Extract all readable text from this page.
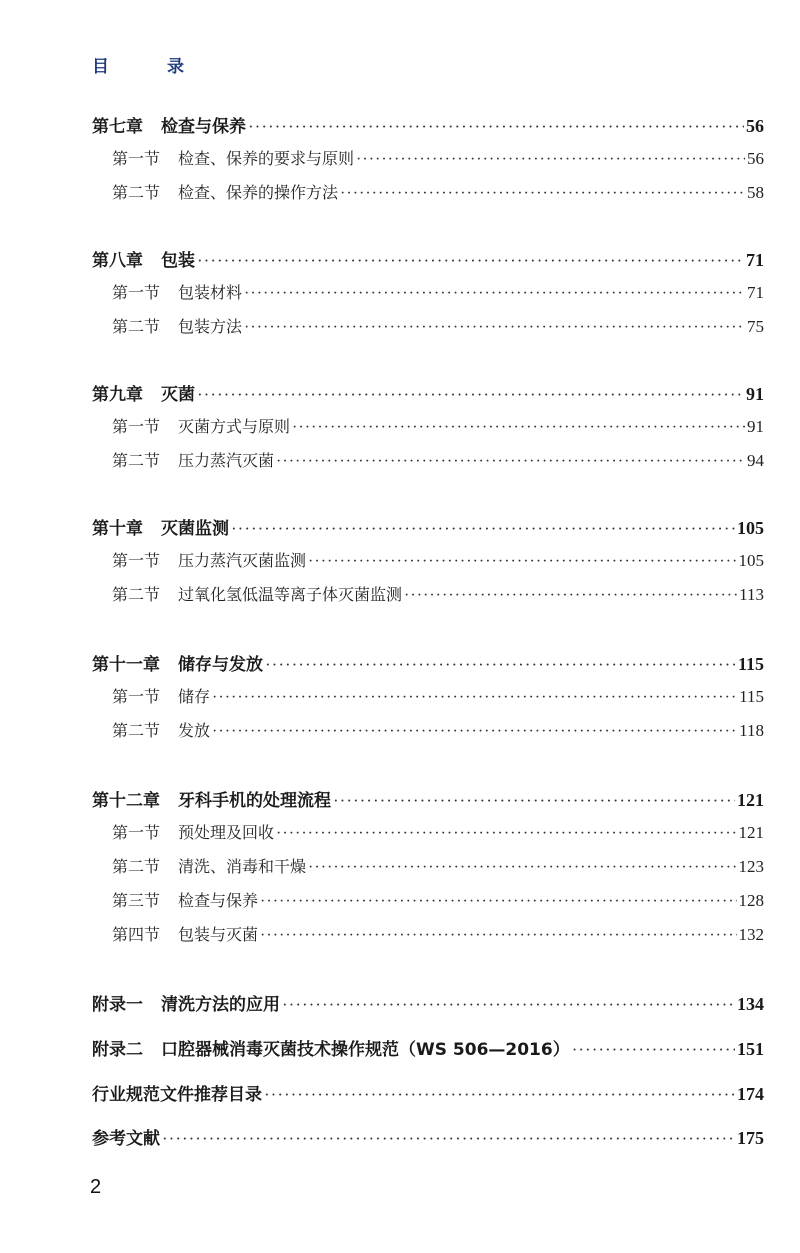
目	录
第七章 检查与保养 ·····	56
第一节 检查、保养的要求与原则 ·····	56
第二节 检查、保养的操作方法 ·····	58
第八章 包装 ·····	71
第一节 包装材料 ·····	71
第二节 包装方法 ·····	75
第九章 灭菌 ·····	91
第一节 灭菌方式与原则 ·····	91
第二节 压力蒸汽灭菌 ·····	94
第十章 灭菌监测 ·····	105
第一节 压力蒸汽灭菌监测 ·····	105
第二节 过氧化氢低温等离子体灭菌监测 ·····	113
第十一章 储存与发放 ·····	115
第一节 储存 ·····	115
第二节 发放 ·····	118
第十二章 牙科手机的处理流程 ·····	121
第一节 预处理及回收 ·····	121
第二节 清洗、消毒和干燥 ·····	123
第三节 检查与保养 ·····	128
第四节 包装与灭菌 ·····	132
附录一 清洗方法的应用 ·····	134
附录二 口腔器械消毒灭菌技术操作规范（WS 506—2016） ·····	151
行业规范文件推荐目录 ·····	174
参考文献 ·····	175
2
